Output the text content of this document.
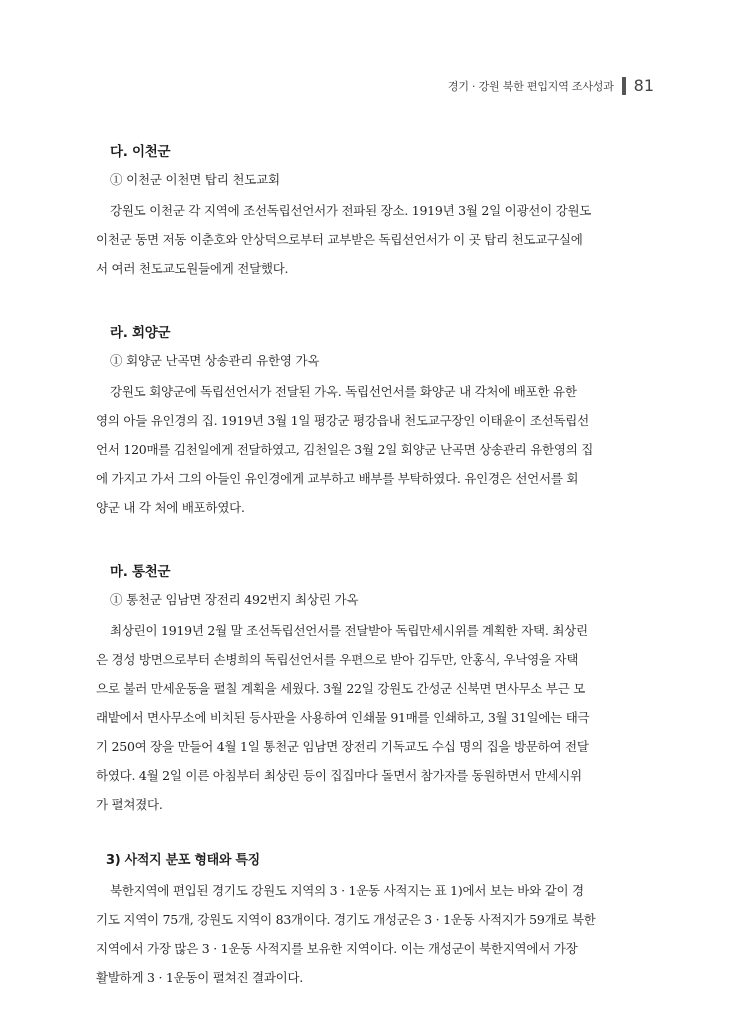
경기 · 강원 북한 편입지역 조사성과 81
다. 이천군

① 이천군 이천면 탑리 천도교회

강원도 이천군 각 지역에 조선독립선언서가 전파된 장소. 1919년 3월 2일 이광선이 강원도

이천군 동면 저동 이춘호와 안상덕으로부터 교부받은 독립선언서가 이 곳 탑리 천도교구실에

서 여러 천도교도원들에게 전달했다.

라. 회양군

① 회양군 난곡면 상송관리 유한영 가옥

강원도 회양군에 독립선언서가 전달된 가옥. 독립선언서를 화양군 내 각처에 배포한 유한

영의 아들 유인경의 집. 1919년 3월 1일 평강군 평강읍내 천도교구장인 이태윤이 조선독립선

언서 120매를 김천일에게 전달하였고, 김천일은 3월 2일 회양군 난곡면 상송관리 유한영의 집

에 가지고 가서 그의 아들인 유인경에게 교부하고 배부를 부탁하였다. 유인경은 선언서를 회

양군 내 각 처에 배포하였다.

마. 통천군

① 통천군 임남면 장전리 492번지 최상린 가옥

최상린이 1919년 2월 말 조선독립선언서를 전달받아 독립만세시위를 계획한 자택. 최상린

은 경성 방면으로부터 손병희의 독립선언서를 우편으로 받아 김두만, 안홍식, 우낙영을 자택

으로 불러 만세운동을 펼칠 계획을 세웠다. 3월 22일 강원도 간성군 신북면 면사무소 부근 모

래밭에서 면사무소에 비치된 등사판을 사용하여 인쇄물 91매를 인쇄하고, 3월 31일에는 태극

기 250여 장을 만들어 4월 1일 통천군 임남면 장전리 기독교도 수십 명의 집을 방문하여 전달

하였다. 4월 2일 이른 아침부터 최상린 등이 집집마다 돌면서 참가자를 동원하면서 만세시위

가 펼쳐졌다.

3) 사적지 분포 형태와 특징

북한지역에 편입된 경기도 강원도 지역의 3 · 1운동 사적지는 표 1)에서 보는 바와 같이 경

기도 지역이 75개, 강원도 지역이 83개이다. 경기도 개성군은 3 · 1운동 사적지가 59개로 북한

지역에서 가장 많은 3 · 1운동 사적지를 보유한 지역이다. 이는 개성군이 북한지역에서 가장

활발하게 3 · 1운동이 펼쳐진 결과이다.
